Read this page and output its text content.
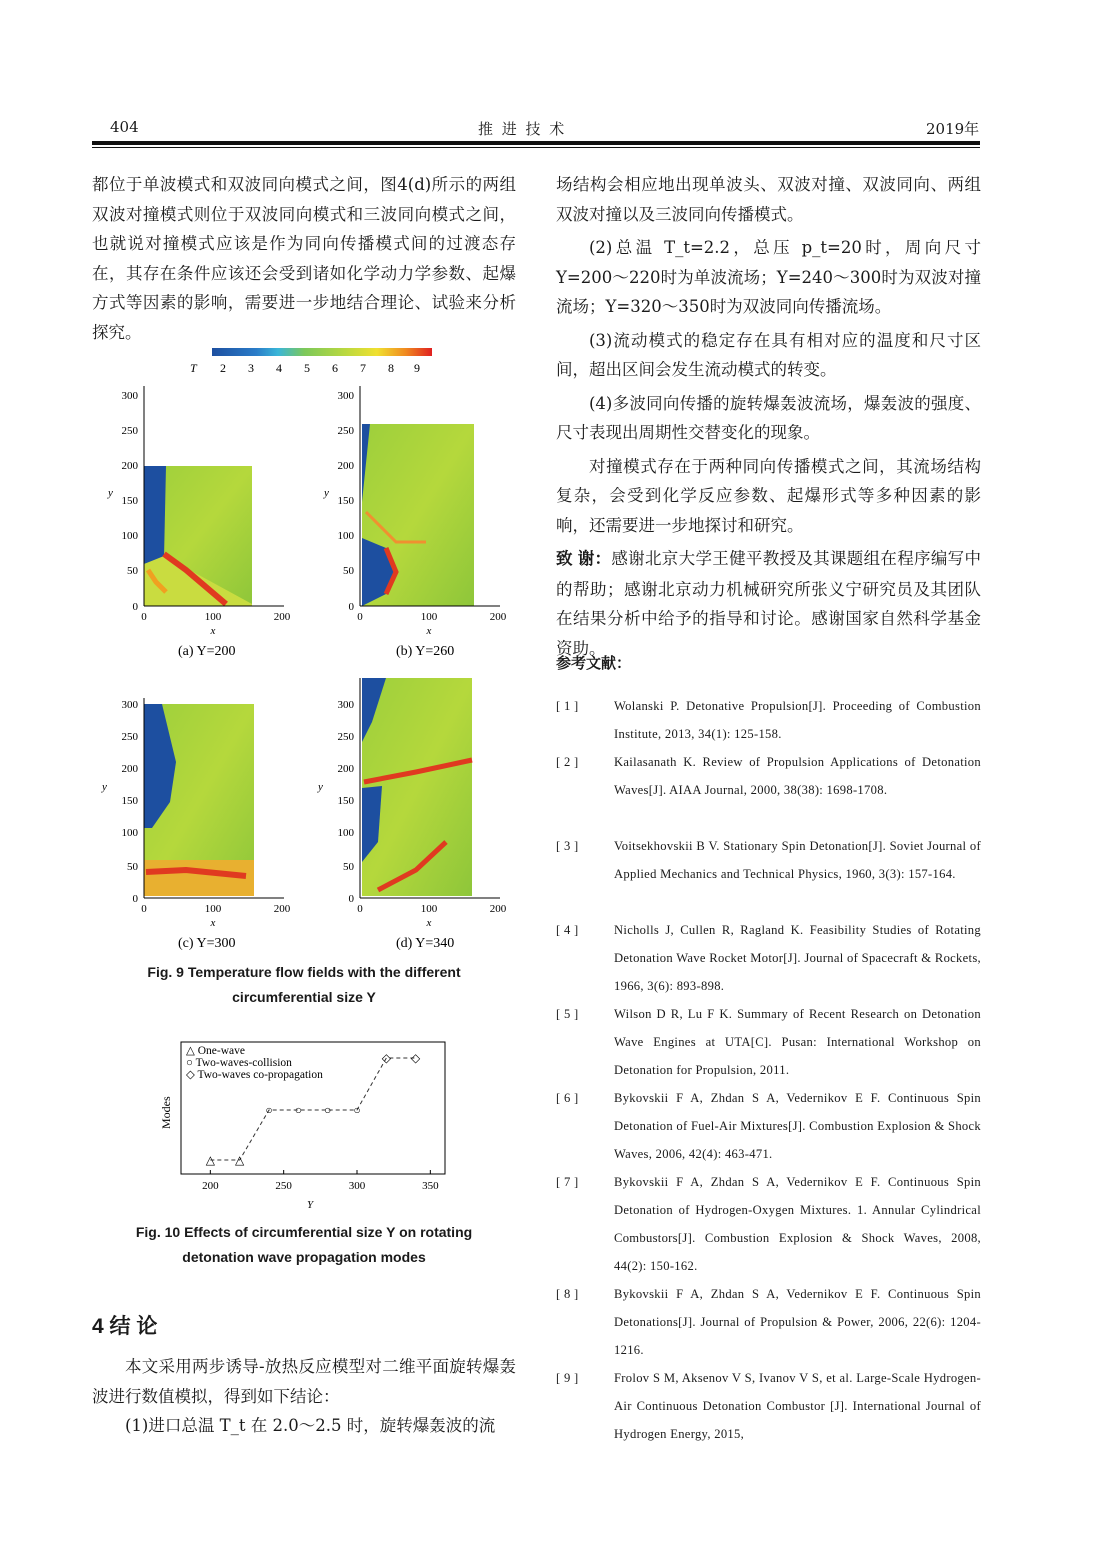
404	推 进 技 术	2019年

都位于单波模式和双波同向模式之间，图4(d)所示的两组双波对撞模式则位于双波同向模式和三波同向模式之间，也就说对撞模式应该是作为同向传播模式间的过渡态存在，其存在条件应该还会受到诸如化学动力学参数、起爆方式等因素的影响，需要进一步地结合理论、试验来分析探究。

T 2 3 4 5 6 7 8 9
300
250
200
150
100
50
0
0	100	200
x
y
(a) Y=200
300
250
200
150
100
50
0
0	100	200
x
y
(b) Y=260
300
250
200
150
100
50
0
0	100	200
x
y
(c) Y=300
300
250
200
150
100
50
0
0	100	200
x
y
(d) Y=340
Fig. 9 Temperature flow fields with the different
circumferential size Y
△ One-wave
○ Two-waves-collision
◇ Two-waves co-propagation
△ △
○ ○ ○ ○
◇ ◇
200	250	300	350
Modes
Y
Fig. 10 Effects of circumferential size Y on rotating
detonation wave propagation modes
4 结 论

本文采用两步诱导-放热反应模型对二维平面旋转爆轰波进行数值模拟，得到如下结论：

(1)进口总温 T_t 在 2.0～2.5 时，旋转爆轰波的流

场结构会相应地出现单波头、双波对撞、双波同向、两组双波对撞以及三波同向传播模式。

(2)总温 T_t=2.2，总压 p_t=20时，周向尺寸 Y=200～220时为单波流场；Y=240～300时为双波对撞流场；Y=320～350时为双波同向传播流场。

(3)流动模式的稳定存在具有相对应的温度和尺寸区间，超出区间会发生流动模式的转变。

(4)多波同向传播的旋转爆轰波流场，爆轰波的强度、尺寸表现出周期性交替变化的现象。

对撞模式存在于两种同向传播模式之间，其流场结构复杂，会受到化学反应参数、起爆形式等多种因素的影响，还需要进一步地探讨和研究。

致 谢：感谢北京大学王健平教授及其课题组在程序编写中的帮助；感谢北京动力机械研究所张义宁研究员及其团队在结果分析中给予的指导和讨论。感谢国家自然科学基金资助。

参考文献：
[ 1 ]	Wolanski P. Detonative Propulsion[J]. Proceeding of Combustion Institute, 2013, 34(1): 125-158.
[ 2 ]	Kailasanath K. Review of Propulsion Applications of Detonation Waves[J]. AIAA Journal, 2000, 38(38): 1698-1708.
[ 3 ]	Voitsekhovskii B V. Stationary Spin Detonation[J]. Soviet Journal of Applied Mechanics and Technical Physics, 1960, 3(3): 157-164.
[ 4 ]	Nicholls J, Cullen R, Ragland K. Feasibility Studies of Rotating Detonation Wave Rocket Motor[J]. Journal of Spacecraft & Rockets, 1966, 3(6): 893-898.
[ 5 ]	Wilson D R, Lu F K. Summary of Recent Research on Detonation Wave Engines at UTA[C]. Pusan: International Workshop on Detonation for Propulsion, 2011.
[ 6 ]	Bykovskii F A, Zhdan S A, Vedernikov E F. Continuous Spin Detonation of Fuel-Air Mixtures[J]. Combustion Explosion & Shock Waves, 2006, 42(4): 463-471.
[ 7 ]	Bykovskii F A, Zhdan S A, Vedernikov E F. Continuous Spin Detonation of Hydrogen-Oxygen Mixtures. 1. Annular Cylindrical Combustors[J]. Combustion Explosion & Shock Waves, 2008, 44(2): 150-162.
[ 8 ]	Bykovskii F A, Zhdan S A, Vedernikov E F. Continuous Spin Detonations[J]. Journal of Propulsion & Power, 2006, 22(6): 1204-1216.
[ 9 ]	Frolov S M, Aksenov V S, Ivanov V S, et al. Large-Scale Hydrogen-Air Continuous Detonation Combustor [J]. International Journal of Hydrogen Energy, 2015,
